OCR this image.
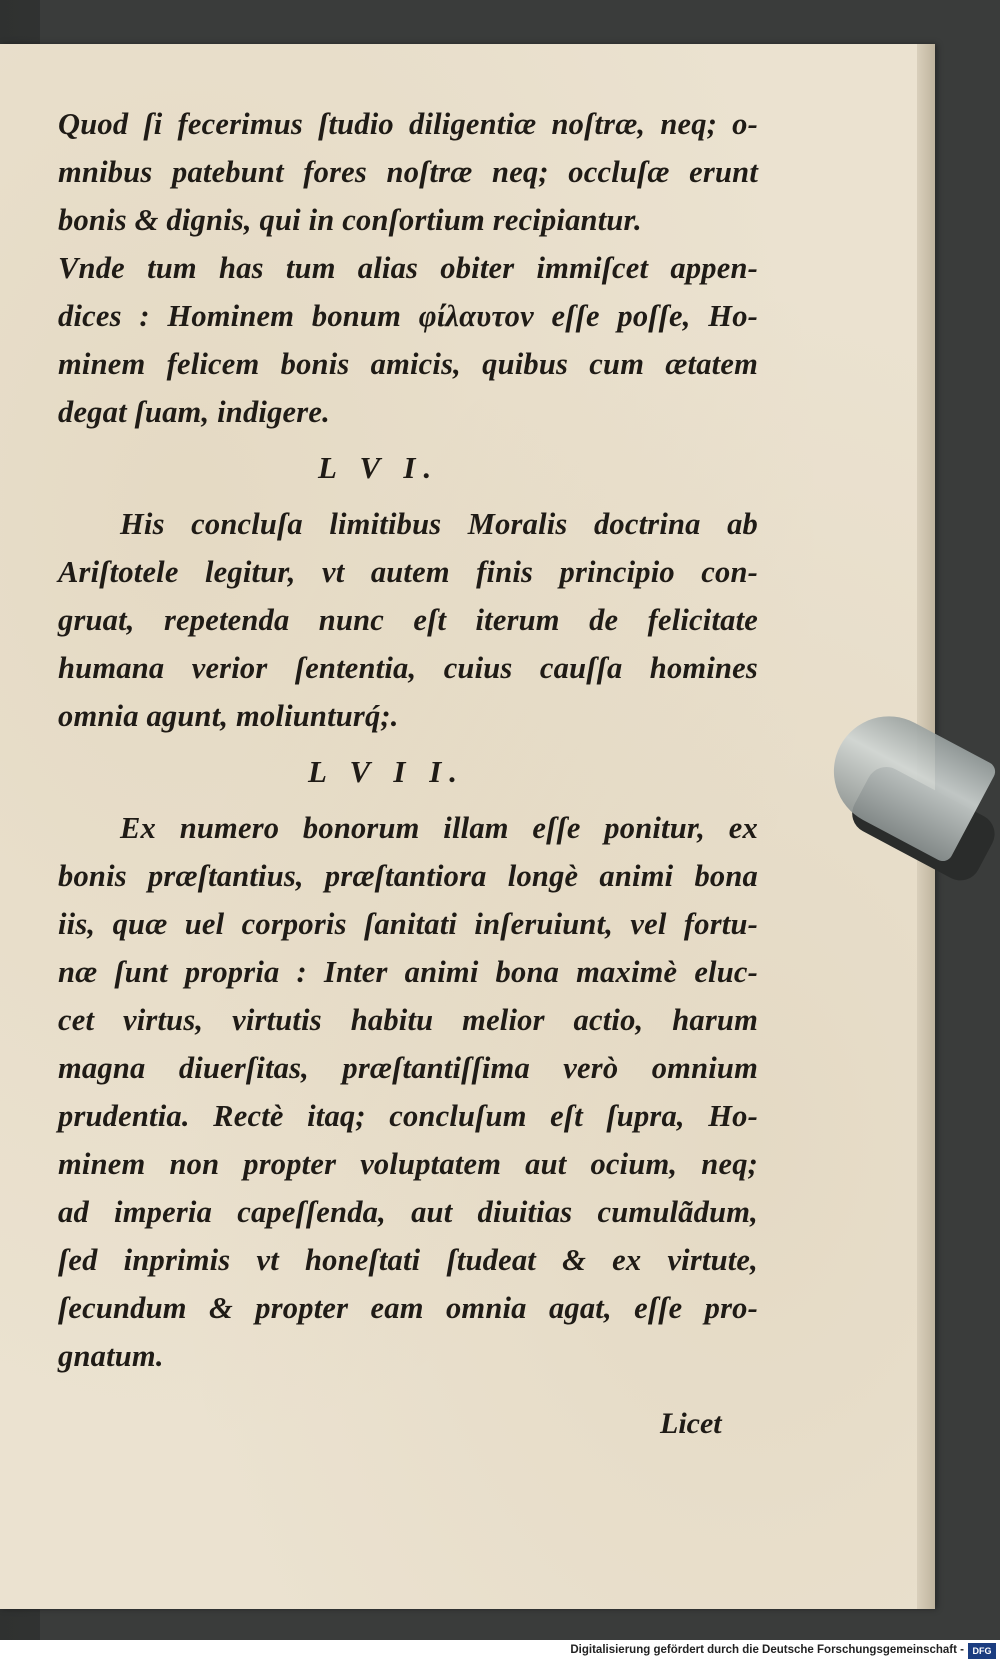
Quod ſi fecerimus ſtudio diligentiæ noſtræ, neq; o-
mnibus patebunt fores noſtræ neq; occluſæ erunt
bonis & dignis, qui in conſortium recipiantur.
Vnde tum has tum alias obiter immiſcet appen-
dices : Hominem bonum φίλαυτον eſſe poſſe, Ho-
minem felicem bonis amicis, quibus cum ætatem
degat ſuam, indigere.
L V I.
His concluſa limitibus Moralis doctrina ab
Ariſtotele legitur, vt autem finis principio con-
gruat, repetenda nunc eſt iterum de felicitate
humana verior ſententia, cuius cauſſa homines
omnia agunt, moliunturq́;.
L V I I.
Ex numero bonorum illam eſſe ponitur, ex
bonis præſtantius, præſtantiora longè animi bona
iis, quæ uel corporis ſanitati inſeruiunt, vel fortu-
næ ſunt propria : Inter animi bona maximè eluc-
cet virtus, virtutis habitu melior actio, harum
magna diuerſitas, præſtantiſſima verò omnium
prudentia. Rectè itaq; concluſum eſt ſupra, Ho-
minem non propter voluptatem aut ocium, neq;
ad imperia capeſſenda, aut diuitias cumulãdum,
ſed inprimis vt honeſtati ſtudeat & ex virtute,
ſecundum & propter eam omnia agat, eſſe pro-
gnatum.
Licet
Digitalisierung gefördert durch die Deutsche Forschungsgemeinschaft - DFG
